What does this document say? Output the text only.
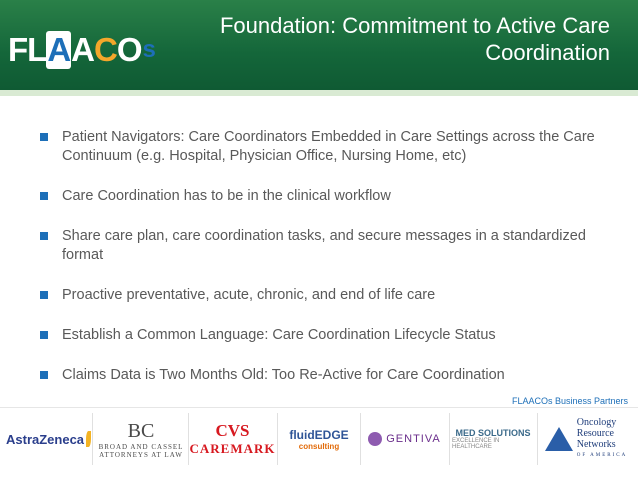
FL A A C O s
Foundation: Commitment to Active Care
Coordination
Patient Navigators: Care Coordinators Embedded in Care Settings across the Care Continuum (e.g. Hospital, Physician Office, Nursing Home, etc)
Care Coordination has to be in the clinical workflow
Share care plan, care coordination tasks, and secure messages in a standardized format
Proactive preventative, acute, chronic, and end of life care
Establish a Common Language: Care Coordination Lifecycle Status
Claims Data is Two Months Old: Too Re-Active for Care Coordination
FLAACOs Business Partners
AstraZeneca BC
BROAD AND CASSEL
ATTORNEYS AT LAW
CVS
CAREMARK
fluidEDGE
consulting
GENTIVA MED SOLUTIONS
EXCELLENCE IN HEALTHCARE
Oncology
Resource
Networks
OF AMERICA
